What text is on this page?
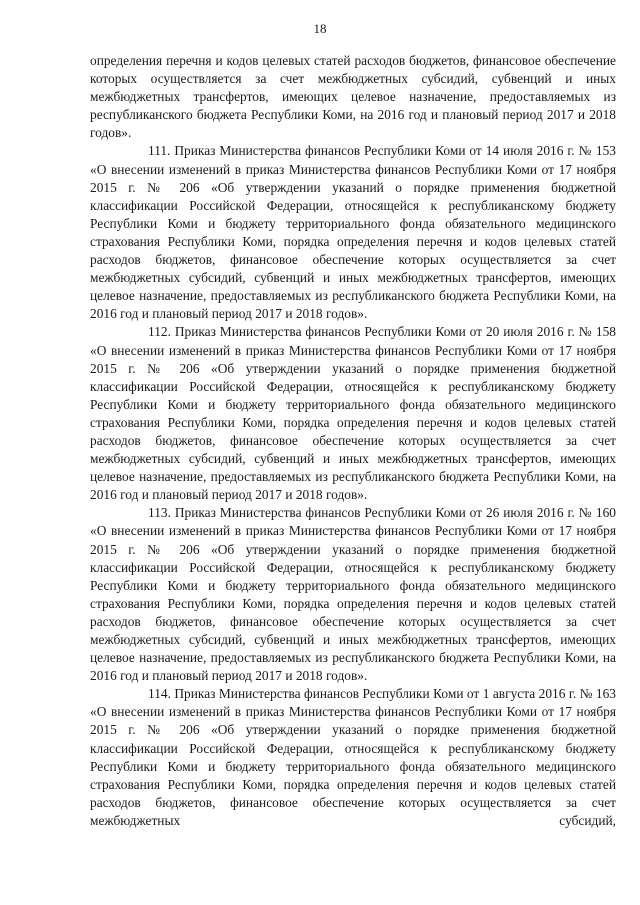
18

определения перечня и кодов целевых статей расходов бюджетов, финансовое обеспечение которых осуществляется за счет межбюджетных субсидий, субвенций и иных межбюджетных трансфертов, имеющих целевое назначение, предоставляемых из республиканского бюджета Республики Коми, на 2016 год и плановый период 2017 и 2018 годов».

111. Приказ Министерства финансов Республики Коми от 14 июля 2016 г. № 153 «О внесении изменений в приказ Министерства финансов Республики Коми от 17 ноября 2015 г. № 206 «Об утверждении указаний о порядке применения бюджетной классификации Российской Федерации, относящейся к республиканскому бюджету Республики Коми и бюджету территориального фонда обязательного медицинского страхования Республики Коми, порядка определения перечня и кодов целевых статей расходов бюджетов, финансовое обеспечение которых осуществляется за счет межбюджетных субсидий, субвенций и иных межбюджетных трансфертов, имеющих целевое назначение, предоставляемых из республиканского бюджета Республики Коми, на 2016 год и плановый период 2017 и 2018 годов».

112. Приказ Министерства финансов Республики Коми от 20 июля 2016 г. № 158 «О внесении изменений в приказ Министерства финансов Республики Коми от 17 ноября 2015 г. № 206 «Об утверждении указаний о порядке применения бюджетной классификации Российской Федерации, относящейся к республиканскому бюджету Республики Коми и бюджету территориального фонда обязательного медицинского страхования Республики Коми, порядка определения перечня и кодов целевых статей расходов бюджетов, финансовое обеспечение которых осуществляется за счет межбюджетных субсидий, субвенций и иных межбюджетных трансфертов, имеющих целевое назначение, предоставляемых из республиканского бюджета Республики Коми, на 2016 год и плановый период 2017 и 2018 годов».

113. Приказ Министерства финансов Республики Коми от 26 июля 2016 г. № 160 «О внесении изменений в приказ Министерства финансов Республики Коми от 17 ноября 2015 г. № 206 «Об утверждении указаний о порядке применения бюджетной классификации Российской Федерации, относящейся к республиканскому бюджету Республики Коми и бюджету территориального фонда обязательного медицинского страхования Республики Коми, порядка определения перечня и кодов целевых статей расходов бюджетов, финансовое обеспечение которых осуществляется за счет межбюджетных субсидий, субвенций и иных межбюджетных трансфертов, имеющих целевое назначение, предоставляемых из республиканского бюджета Республики Коми, на 2016 год и плановый период 2017 и 2018 годов».

114. Приказ Министерства финансов Республики Коми от 1 августа 2016 г. № 163 «О внесении изменений в приказ Министерства финансов Республики Коми от 17 ноября 2015 г. № 206 «Об утверждении указаний о порядке применения бюджетной классификации Российской Федерации, относящейся к республиканскому бюджету Республики Коми и бюджету территориального фонда обязательного медицинского страхования Республики Коми, порядка определения перечня и кодов целевых статей расходов бюджетов, финансовое обеспечение которых осуществляется за счет межбюджетных субсидий,
